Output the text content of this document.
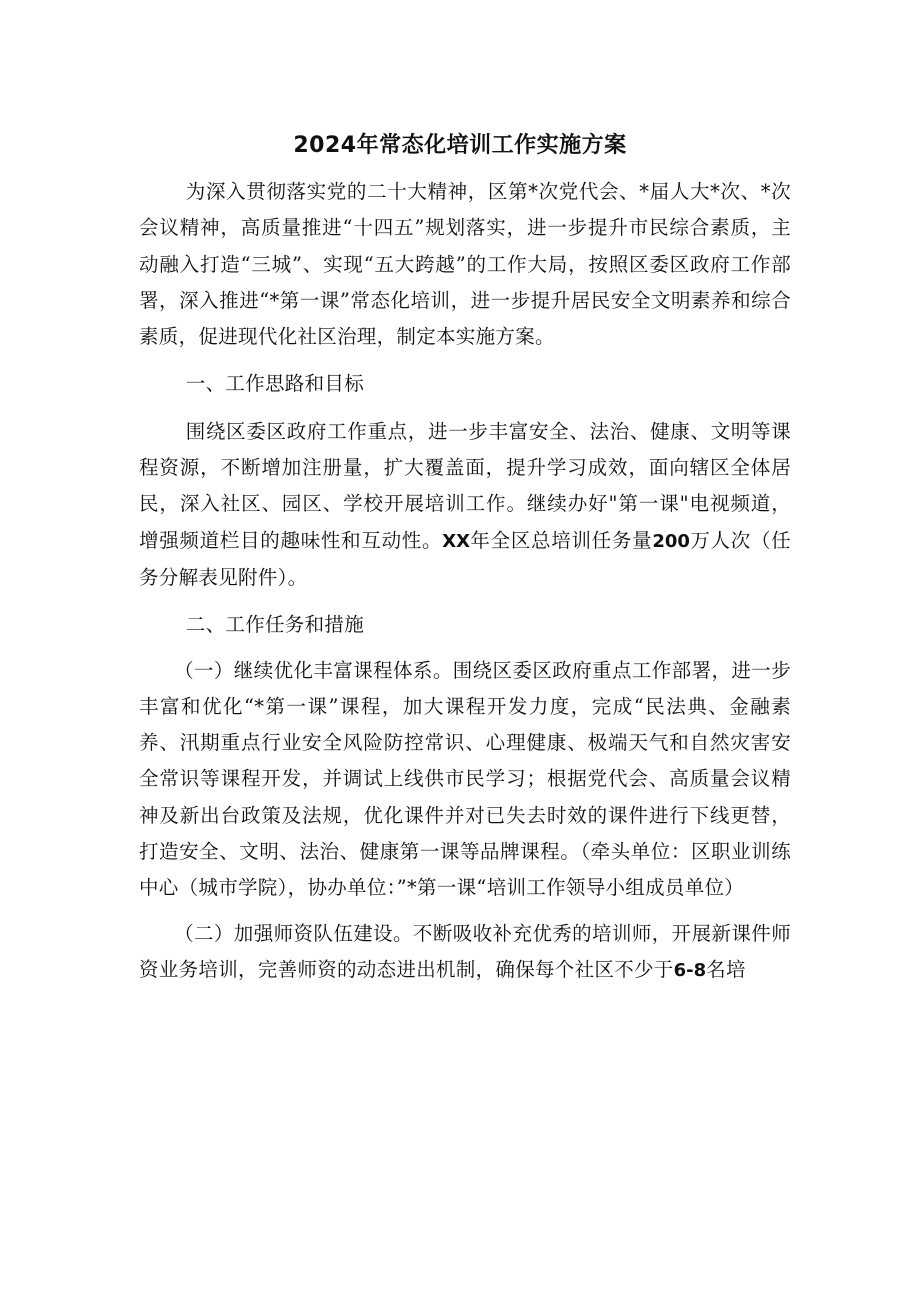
2024年常态化培训工作实施方案

为深入贯彻落实党的二十大精神，区第*次党代会、*届人大*次、*次会议精神，高质量推进“十四五”规划落实，进一步提升市民综合素质，主动融入打造“三城”、实现“五大跨越”的工作大局，按照区委区政府工作部署，深入推进“*第一课”常态化培训，进一步提升居民安全文明素养和综合素质，促进现代化社区治理，制定本实施方案。

一、工作思路和目标

围绕区委区政府工作重点，进一步丰富安全、法治、健康、文明等课程资源，不断增加注册量，扩大覆盖面，提升学习成效，面向辖区全体居民，深入社区、园区、学校开展培训工作。继续办好"第一课"电视频道，增强频道栏目的趣味性和互动性。XX年全区总培训任务量200万人次（任务分解表见附件）。

二、工作任务和措施

（一）继续优化丰富课程体系。围绕区委区政府重点工作部署，进一步丰富和优化“*第一课”课程，加大课程开发力度，完成“民法典、金融素养、汛期重点行业安全风险防控常识、心理健康、极端天气和自然灾害安全常识等课程开发，并调试上线供市民学习；根据党代会、高质量会议精神及新出台政策及法规，优化课件并对已失去时效的课件进行下线更替，打造安全、文明、法治、健康第一课等品牌课程。（牵头单位：区职业训练中心（城市学院），协办单位：”*第一课“培训工作领导小组成员单位）

（二）加强师资队伍建设。不断吸收补充优秀的培训师，开展新课件师资业务培训，完善师资的动态进出机制，确保每个社区不少于6-8名培
